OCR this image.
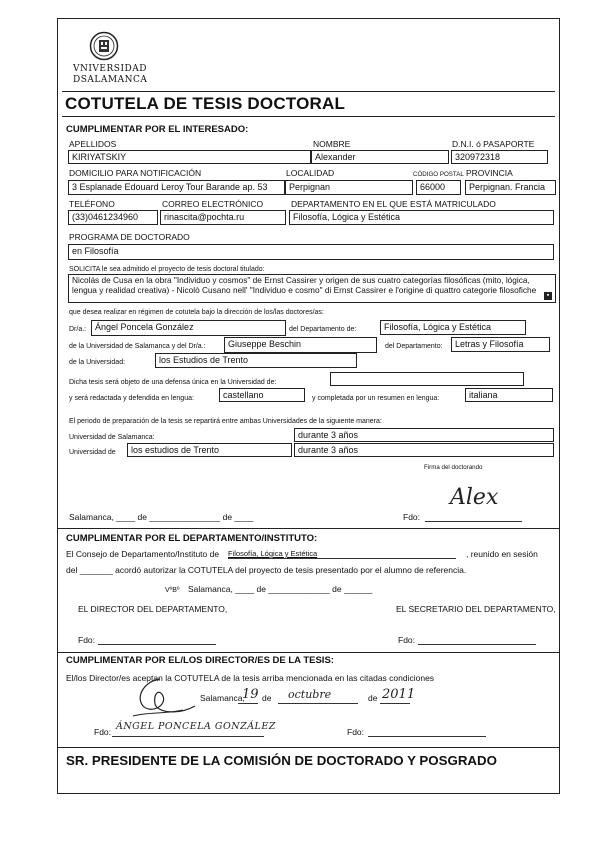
VNIVERSIDAD
DSALAMANCA
COTUTELA DE TESIS DOCTORAL
CUMPLIMENTAR POR EL INTERESADO:
APELLIDOS	NOMBRE	D.N.I. ó PASAPORTE
KIRIYATSKIY	Alexander	320972318
DOMICILIO PARA NOTIFICACIÓN	LOCALIDAD	CÓDIGO POSTAL PROVINCIA
3 Esplanade Edouard Leroy Tour Barande ap. 53	Perpignan	66000	Perpignan. Francia
TELÉFONO	CORREO ELECTRÓNICO	DEPARTAMENTO EN EL QUE ESTÁ MATRICULADO
(33)0461234960	rinascita@pochta.ru	Filosofía, Lógica y Estética
PROGRAMA DE DOCTORADO
en Filosofía
SOLICITA le sea admitido el proyecto de tesis doctoral titulado:
Nicolás de Cusa en la obra "Individuo y cosmos" de Ernst Cassirer y origen de sus cuatro categorías filosóficas (mito, lógica, lengua y realidad creativa) - Nicolò Cusano nell' "Individuo e cosmo" di Ernst Cassirer e l'origine di quattro categorie filosofiche
▪
que desea realizar en régimen de cotutela bajo la dirección de los/las doctores/as:
Dr/a.: Ángel Poncela González	del Departamento de:	Filosofía, Lógica y Estética
de la Universidad de Salamanca y del Dr/a.:	Giuseppe Beschin	del Departamento:	Letras y Filosofía
de la Universidad:	los Estudios de Trento
Dicha tesis será objeto de una defensa única en la Universidad de:
y será redactada y defendida en lengua:	castellano	y completada por un resumen en lengua:	italiana
El periodo de preparación de la tesis se repartirá entre ambas Universidades de la siguiente manera:
Universidad de Salamanca:	durante 3 años
Universidad de	los estudios de Trento	durante 3 años
Firma del doctorando
Alex
Salamanca, ____ de _______________ de ____	Fdo:
CUMPLIMENTAR POR EL DEPARTAMENTO/INSTITUTO:
El Consejo de Departamento/Instituto de Filosofía, Lógica y Estética	, reunido en sesión
del _______ acordó autorizar la COTUTELA del proyecto de tesis presentado por el alumno de referencia.
VºBº Salamanca, ____ de _____________ de ______
EL DIRECTOR DEL DEPARTAMENTO,	EL SECRETARIO DEL DEPARTAMENTO,
Fdo:	Fdo:
CUMPLIMENTAR POR EL/LOS DIRECTOR/ES DE LA TESIS:
El/los Director/es aceptan la COTUTELA de la tesis arriba mencionada en las citadas condiciones
Salamanca,
19 de octubre	de 2011
Fdo: ÁNGEL PONCELA GONZÁLEZ	Fdo:
SR. PRESIDENTE DE LA COMISIÓN DE DOCTORADO Y POSGRADO
